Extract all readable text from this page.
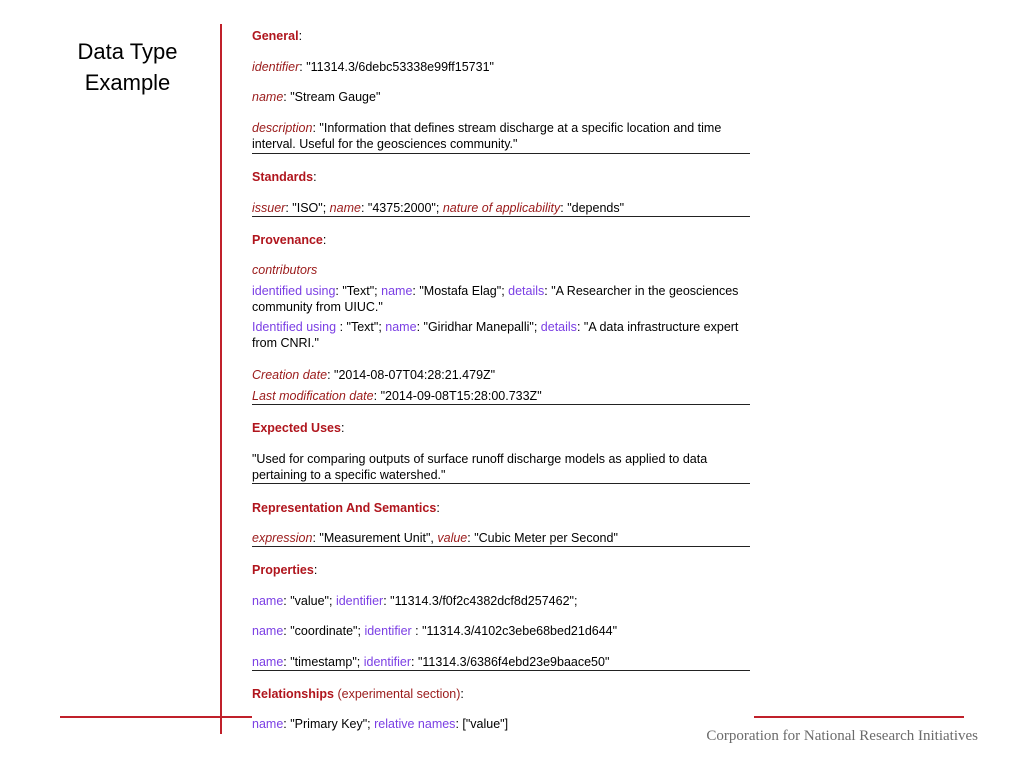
Data Type
Example
General:
identifier: "11314.3/6debc53338e99ff15731"
name: "Stream Gauge"
description: "Information that defines stream discharge at a specific location and time interval. Useful for the geosciences community."
Standards:
issuer: "ISO"; name: "4375:2000"; nature of applicability: "depends"
Provenance:
contributors
identified using: "Text"; name: "Mostafa Elag"; details: "A Researcher in the geosciences community from UIUC."
Identified using : "Text"; name: "Giridhar Manepalli"; details: "A data infrastructure expert from CNRI."
Creation date: "2014-08-07T04:28:21.479Z"
Last modification date: "2014-09-08T15:28:00.733Z"
Expected Uses:
"Used for comparing outputs of surface runoff discharge models as applied to data pertaining to a specific watershed."
Representation And Semantics:
expression: "Measurement Unit", value: "Cubic Meter per Second"
Properties:
name: "value"; identifier: "11314.3/f0f2c4382dcf8d257462";
name: "coordinate"; identifier : "11314.3/4102c3ebe68bed21d644"
name: "timestamp"; identifier: "11314.3/6386f4ebd23e9baace50"
Relationships (experimental section):
name: "Primary Key"; relative names: ["value"]
Corporation for National Research Initiatives
